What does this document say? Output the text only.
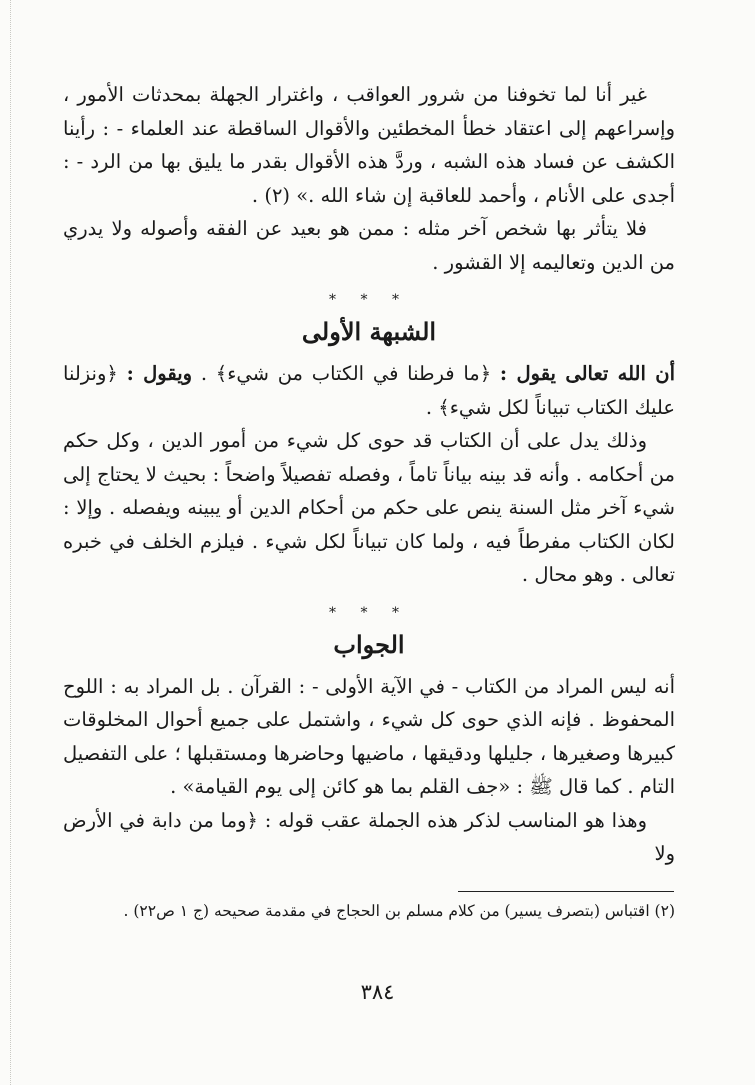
غير أنا لما تخوفنا من شرور العواقب ، واغترار الجهلة بمحدثات الأمور ، وإسراعهم إلى اعتقاد خطأ المخطئين والأقوال الساقطة عند العلماء - : رأينا الكشف عن فساد هذه الشبه ، وردَّ هذه الأقوال بقدر ما يليق بها من الرد - : أجدى على الأنام ، وأحمد للعاقبة إن شاء الله .» (٢) .

فلا يتأثر بها شخص آخر مثله : ممن هو بعيد عن الفقه وأصوله ولا يدري من الدين وتعاليمه إلا القشور .

* * *
الشبهة الأولى

أن الله تعالى يقول : ﴿ما فرطنا في الكتاب من شيء﴾ . ويقول : ﴿ونزلنا عليك الكتاب تبياناً لكل شيء﴾ .

وذلك يدل على أن الكتاب قد حوى كل شيء من أمور الدين ، وكل حكم من أحكامه . وأنه قد بينه بياناً تاماً ، وفصله تفصيلاً واضحاً : بحيث لا يحتاج إلى شيء آخر مثل السنة ينص على حكم من أحكام الدين أو يبينه ويفصله . وإلا : لكان الكتاب مفرطاً فيه ، ولما كان تبياناً لكل شيء . فيلزم الخلف في خبره تعالى . وهو محال .

* * *
الجواب

أنه ليس المراد من الكتاب - في الآية الأولى - : القرآن . بل المراد به : اللوح المحفوظ . فإنه الذي حوى كل شيء ، واشتمل على جميع أحوال المخلوقات كبيرها وصغيرها ، جليلها ودقيقها ، ماضيها وحاضرها ومستقبلها ؛ على التفصيل التام . كما قال ﷺ : «جف القلم بما هو كائن إلى يوم القيامة» .

وهذا هو المناسب لذكر هذه الجملة عقب قوله : ﴿وما من دابة في الأرض ولا

(٢) اقتباس (بتصرف يسير) من كلام مسلم بن الحجاج في مقدمة صحيحه (ج ١ ص٢٢) .
٣٨٤
